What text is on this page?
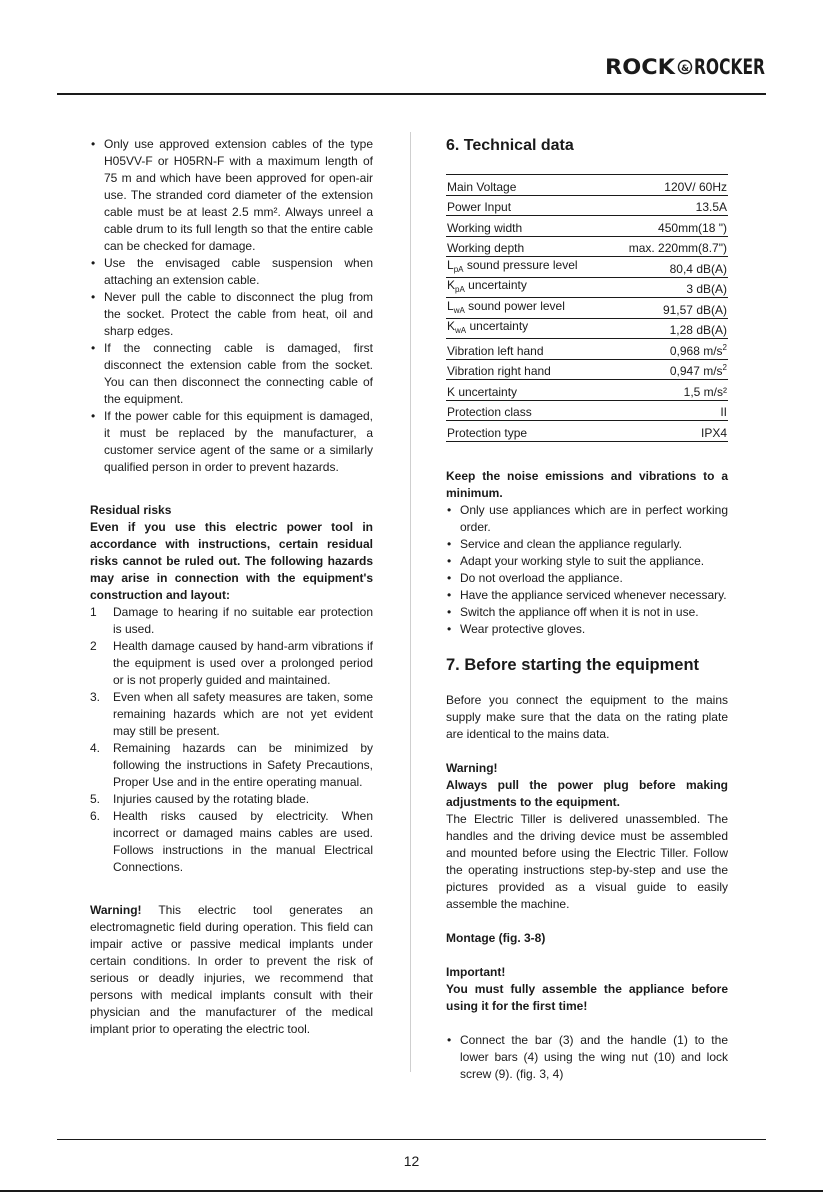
ROCK & ROCKER
• Only use approved extension cables of the type H05VV-F or H05RN-F with a maximum length of 75 m and which have been approved for open-air use. The stranded cord diameter of the extension cable must be at least 2.5 mm². Always unreel a cable drum to its full length so that the entire cable can be checked for damage.
• Use the envisaged cable suspension when attaching an extension cable.
• Never pull the cable to disconnect the plug from the socket. Protect the cable from heat, oil and sharp edges.
• If the connecting cable is damaged, first disconnect the extension cable from the socket. You can then disconnect the connecting cable of the equipment.
• If the power cable for this equipment is damaged, it must be replaced by the manufacturer, a customer service agent of the same or a similarly qualified person in order to prevent hazards.

Residual risks

Even if you use this electric power tool in accordance with instructions, certain residual risks cannot be ruled out. The following hazards may arise in connection with the equipment's construction and layout:

1 Damage to hearing if no suitable ear protection is used.
2 Health damage caused by hand-arm vibrations if the equipment is used over a prolonged period or is not properly guided and maintained.
3. Even when all safety measures are taken, some remaining hazards which are not yet evident may still be present.
4. Remaining hazards can be minimized by following the instructions in Safety Precautions, Proper Use and in the entire operating manual.
5. Injuries caused by the rotating blade.
6. Health risks caused by electricity. When incorrect or damaged mains cables are used. Follows instructions in the manual Electrical Connections.

Warning! This electric tool generates an electromagnetic field during operation. This field can impair active or passive medical implants under certain conditions. In order to prevent the risk of serious or deadly injuries, we recommend that persons with medical implants consult with their physician and the manufacturer of the medical implant prior to operating the electric tool.

6. Technical data
Main Voltage	120V/ 60Hz
Power Input	13.5A
Working width	450mm(18 ")
Working depth	max. 220mm(8.7")
$L_{pA}$ sound pressure level	80,4 dB(A)
$K_{pA}$ uncertainty	3 dB(A)
$L_{wA}$ sound power level	91,57 dB(A)
$K_{wA}$ uncertainty	1,28 dB(A)
Vibration left hand	0,968 $m/s^2$
Vibration right hand	0,947 $m/s^2$
K uncertainty	1,5 m/s²
Protection class	II
Protection type	IPX4

Keep the noise emissions and vibrations to a minimum.

• Only use appliances which are in perfect working order.
• Service and clean the appliance regularly.
• Adapt your working style to suit the appliance.
• Do not overload the appliance.
• Have the appliance serviced whenever necessary.
• Switch the appliance off when it is not in use.
• Wear protective gloves.
7. Before starting the equipment

Before you connect the equipment to the mains supply make sure that the data on the rating plate are identical to the mains data.

Warning!

Always pull the power plug before making adjustments to the equipment.

The Electric Tiller is delivered unassembled. The handles and the driving device must be assembled and mounted before using the Electric Tiller. Follow the operating instructions step-by-step and use the pictures provided as a visual guide to easily assemble the machine.

Montage (fig. 3-8)

Important!

You must fully assemble the appliance before using it for the first time!

• Connect the bar (3) and the handle (1) to the lower bars (4) using the wing nut (10) and lock screw (9). (fig. 3, 4)
12
